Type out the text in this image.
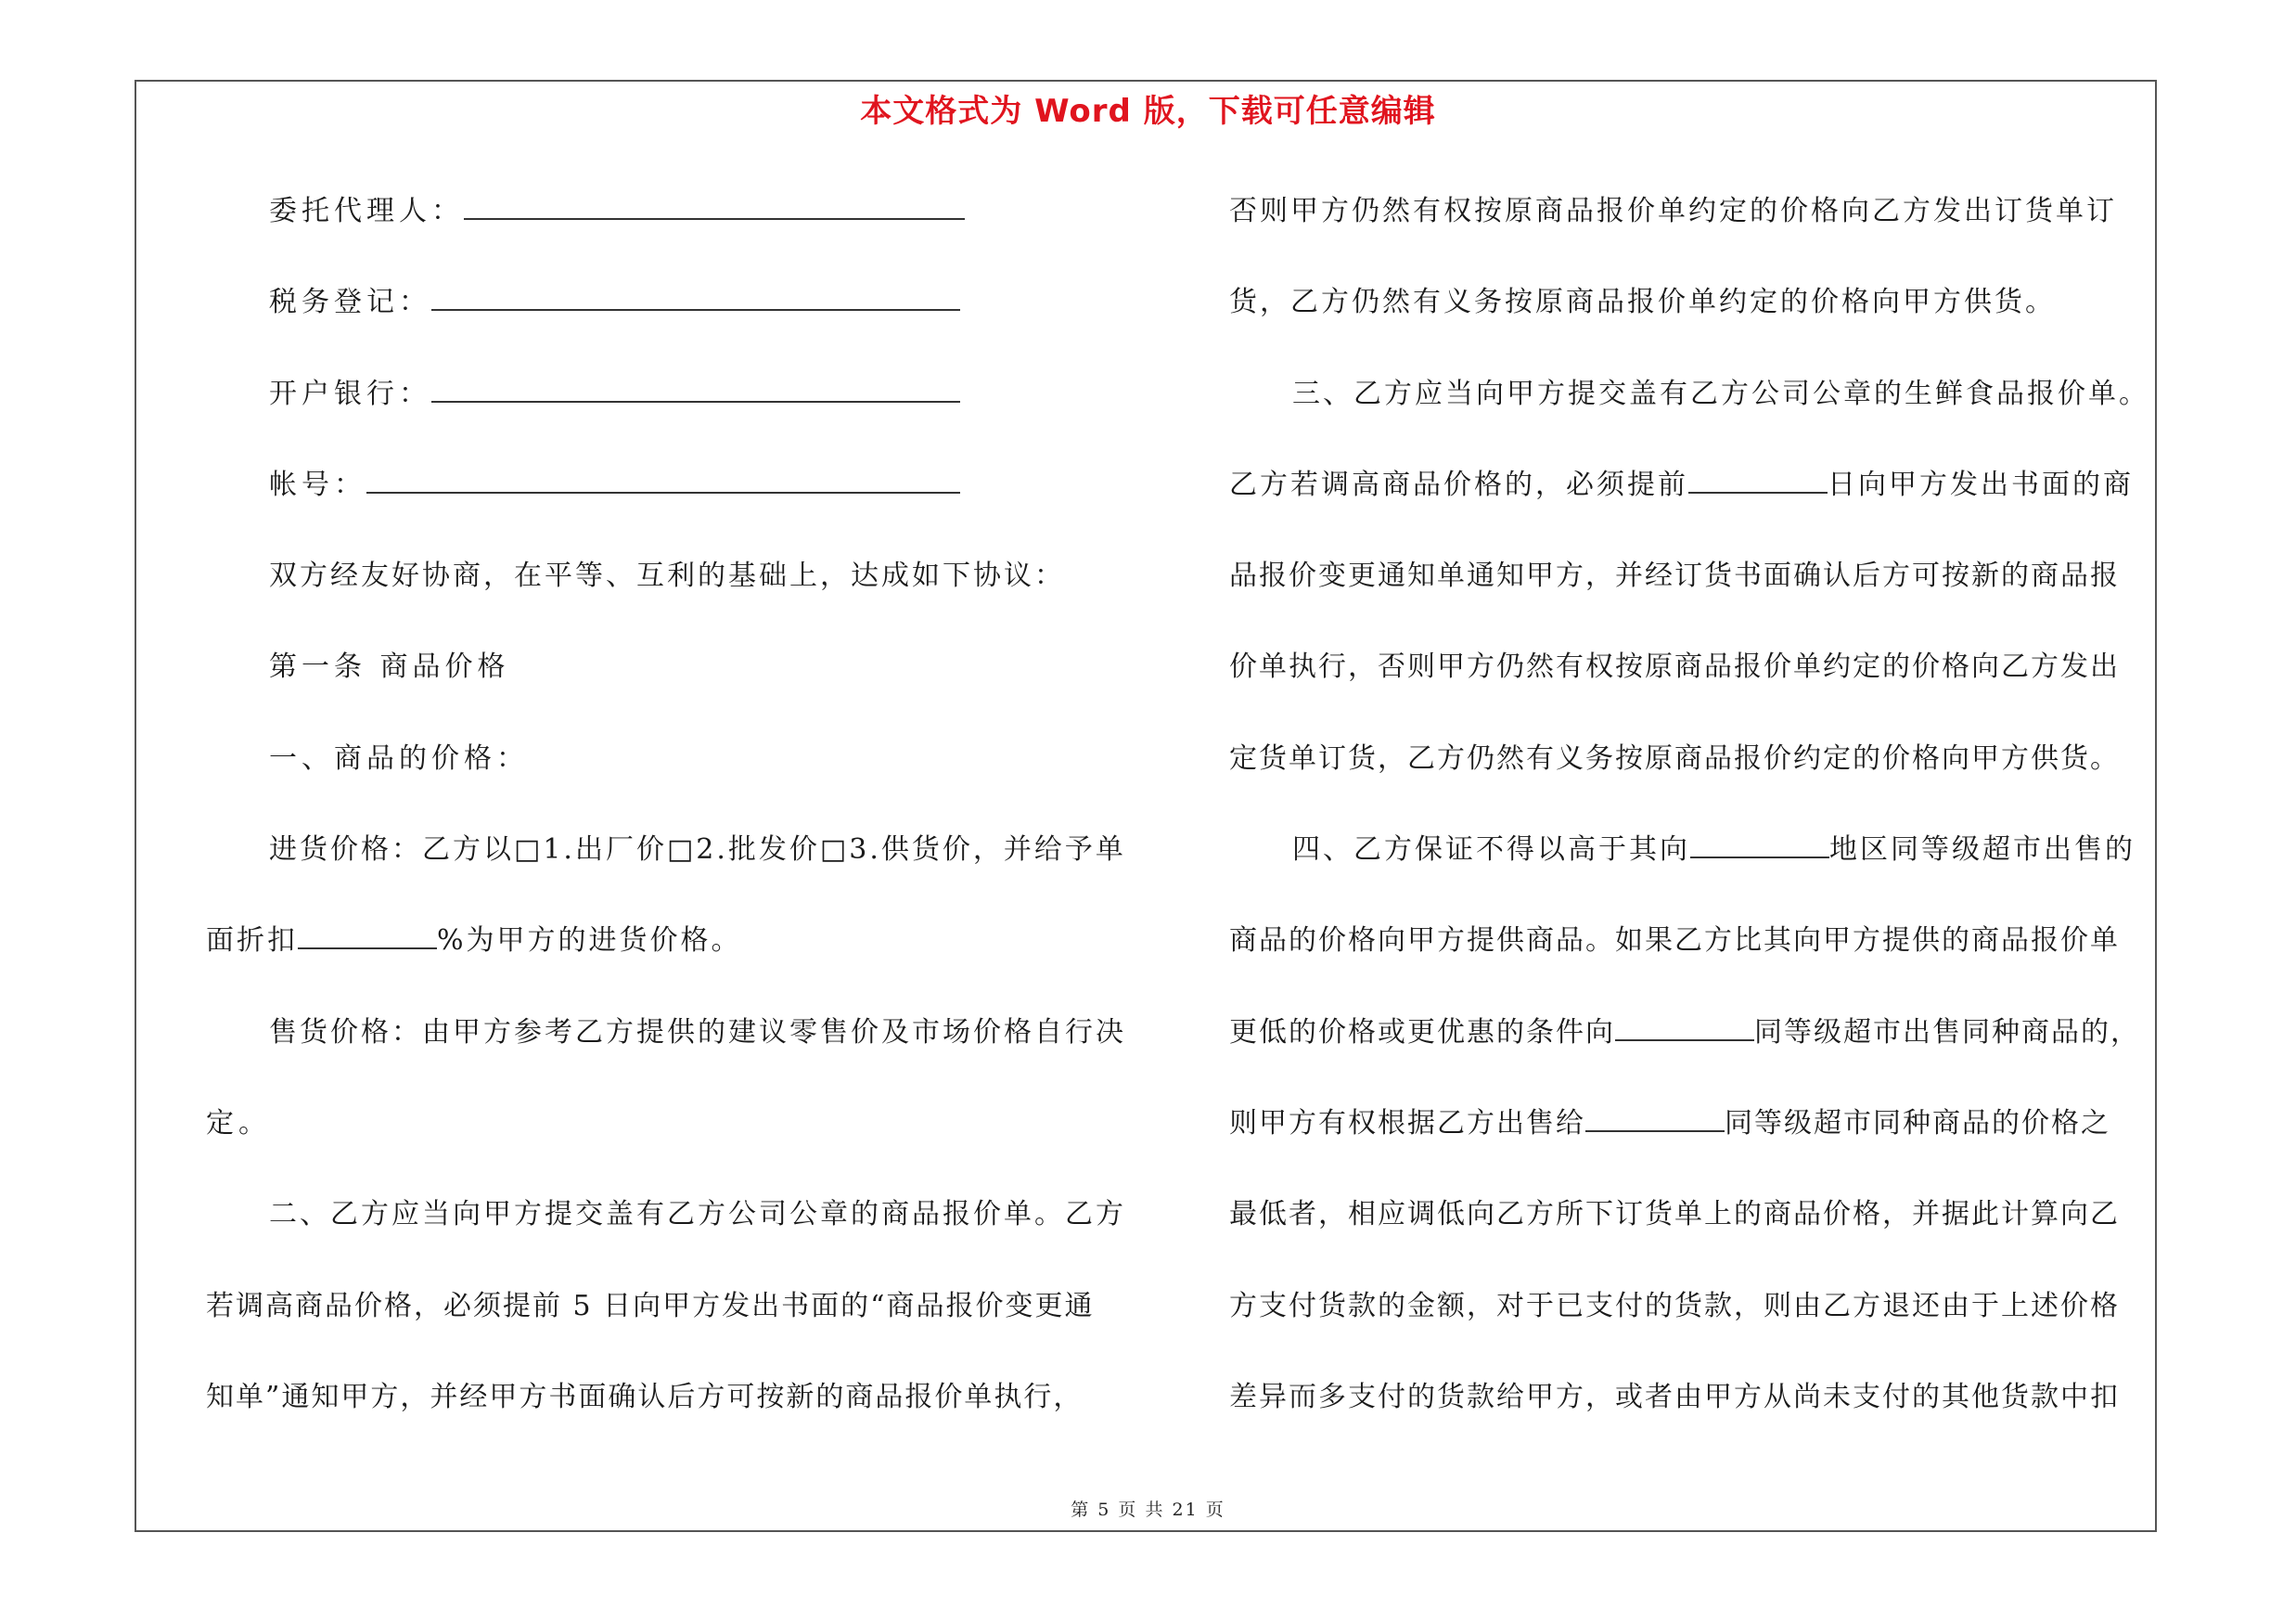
本文格式为 Word 版，下载可任意编辑
委托代理人：
税务登记：
开户银行：
帐号：
双方经友好协商，在平等、互利的基础上，达成如下协议：
第一条 商品价格
一、商品的价格：
进货价格：乙方以□1.出厂价□2.批发价□3.供货价，并给予单
面折扣	%为甲方的进货价格。
售货价格：由甲方参考乙方提供的建议零售价及市场价格自行决
定。
二、乙方应当向甲方提交盖有乙方公司公章的商品报价单。乙方
若调高商品价格，必须提前 5 日向甲方发出书面的“商品报价变更通
知单”通知甲方，并经甲方书面确认后方可按新的商品报价单执行，
否则甲方仍然有权按原商品报价单约定的价格向乙方发出订货单订
货，乙方仍然有义务按原商品报价单约定的价格向甲方供货。
三、乙方应当向甲方提交盖有乙方公司公章的生鲜食品报价单。
乙方若调高商品价格的，必须提前	日向甲方发出书面的商
品报价变更通知单通知甲方，并经订货书面确认后方可按新的商品报
价单执行，否则甲方仍然有权按原商品报价单约定的价格向乙方发出
定货单订货，乙方仍然有义务按原商品报价约定的价格向甲方供货。
四、乙方保证不得以高于其向	地区同等级超市出售的
商品的价格向甲方提供商品。如果乙方比其向甲方提供的商品报价单
更低的价格或更优惠的条件向	同等级超市出售同种商品的，
则甲方有权根据乙方出售给	同等级超市同种商品的价格之
最低者，相应调低向乙方所下订货单上的商品价格，并据此计算向乙
方支付货款的金额，对于已支付的货款，则由乙方退还由于上述价格
差异而多支付的货款给甲方，或者由甲方从尚未支付的其他货款中扣
第 5 页 共 21 页
